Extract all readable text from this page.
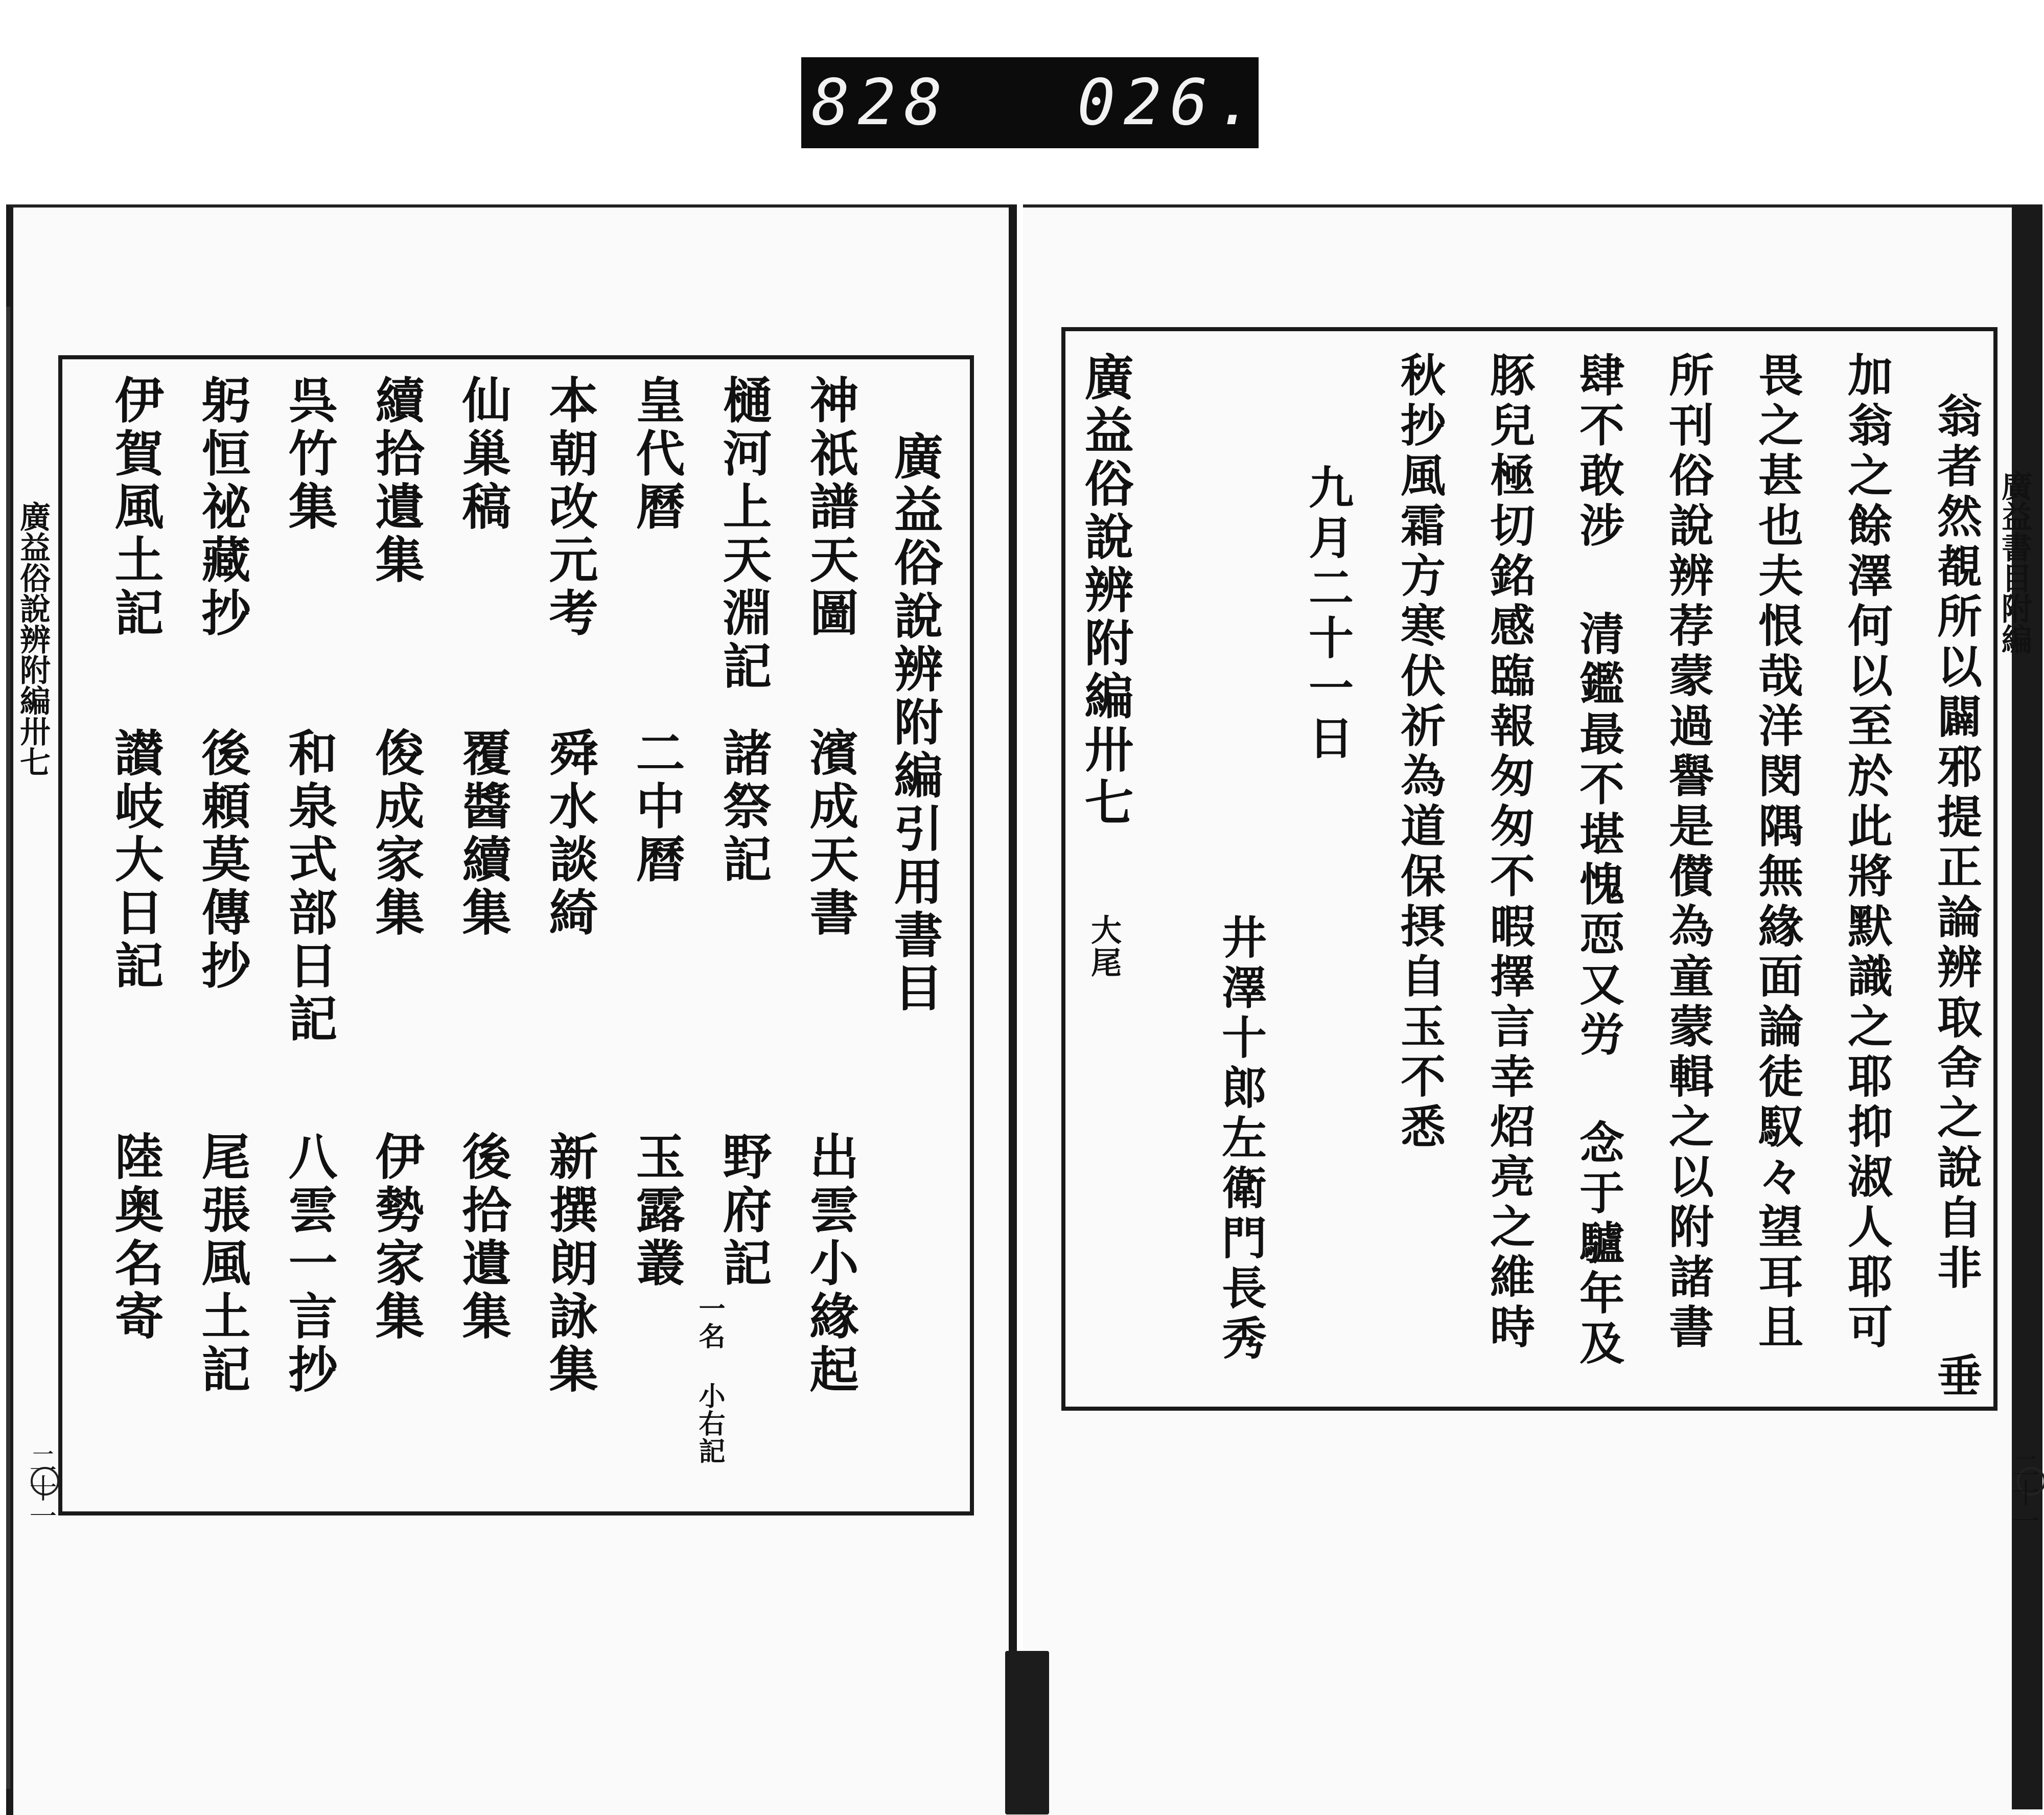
828 026.
廣益俗說辨附編卅七
二十一
廣益書目附編
二十一
廣益俗說辨附編引用書目
神祇譜天圖
濱成天書
出雲小緣起
樋河上天淵記
諸祭記
野府記
一名 小右記
皇代曆
二中曆
玉露叢
本朝改元考
舜水談綺
新撰朗詠集
仙巢稿
覆醬續集
後拾遺集
續拾遺集
俊成家集
伊勢家集
呉竹集
和泉式部日記
八雲一言抄
躬恒祕藏抄
後頼莫傳抄
尾張風土記
伊賀風土記
讃岐大日記
陸奥名寄	翁者然覩所以闢邪提正論辨取舍之說自非 垂
加翁之餘澤何以至於此將默識之耶抑淑人耶可
畏之甚也夫恨哉洋閔隅無緣面論徒馭々望耳且
所刊俗說辨荐蒙過譽是儧為童蒙輯之以附諸書
肆不敢涉 清鑑最不堪愧恧又労 念于驢年及
豚兒極切銘感臨報匆匆不暇擇言幸炤亮之維時
秋抄風霜方寒伏祈為道保摂自玉不悉
九月二十一日
井澤十郎左衛門長秀
廣益俗說辨附編卅七
大尾
